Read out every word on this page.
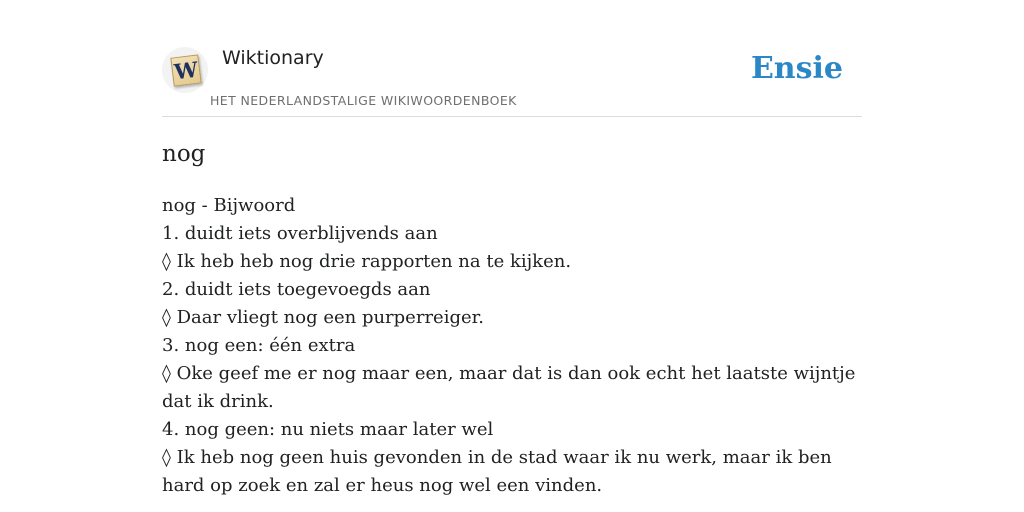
W Wiktionary
HET NEDERLANDSTALIGE WIKIWOORDENBOEK
Ensie
nog
nog - Bijwoord
1. duidt iets overblijvends aan
◊ Ik heb heb nog drie rapporten na te kijken.
2. duidt iets toegevoegds aan
◊ Daar vliegt nog een purperreiger.
3. nog een: één extra
◊ Oke geef me er nog maar een, maar dat is dan ook echt het laatste wijntje dat ik drink.
4. nog geen: nu niets maar later wel
◊ Ik heb nog geen huis gevonden in de stad waar ik nu werk, maar ik ben hard op zoek en zal er heus nog wel een vinden.
